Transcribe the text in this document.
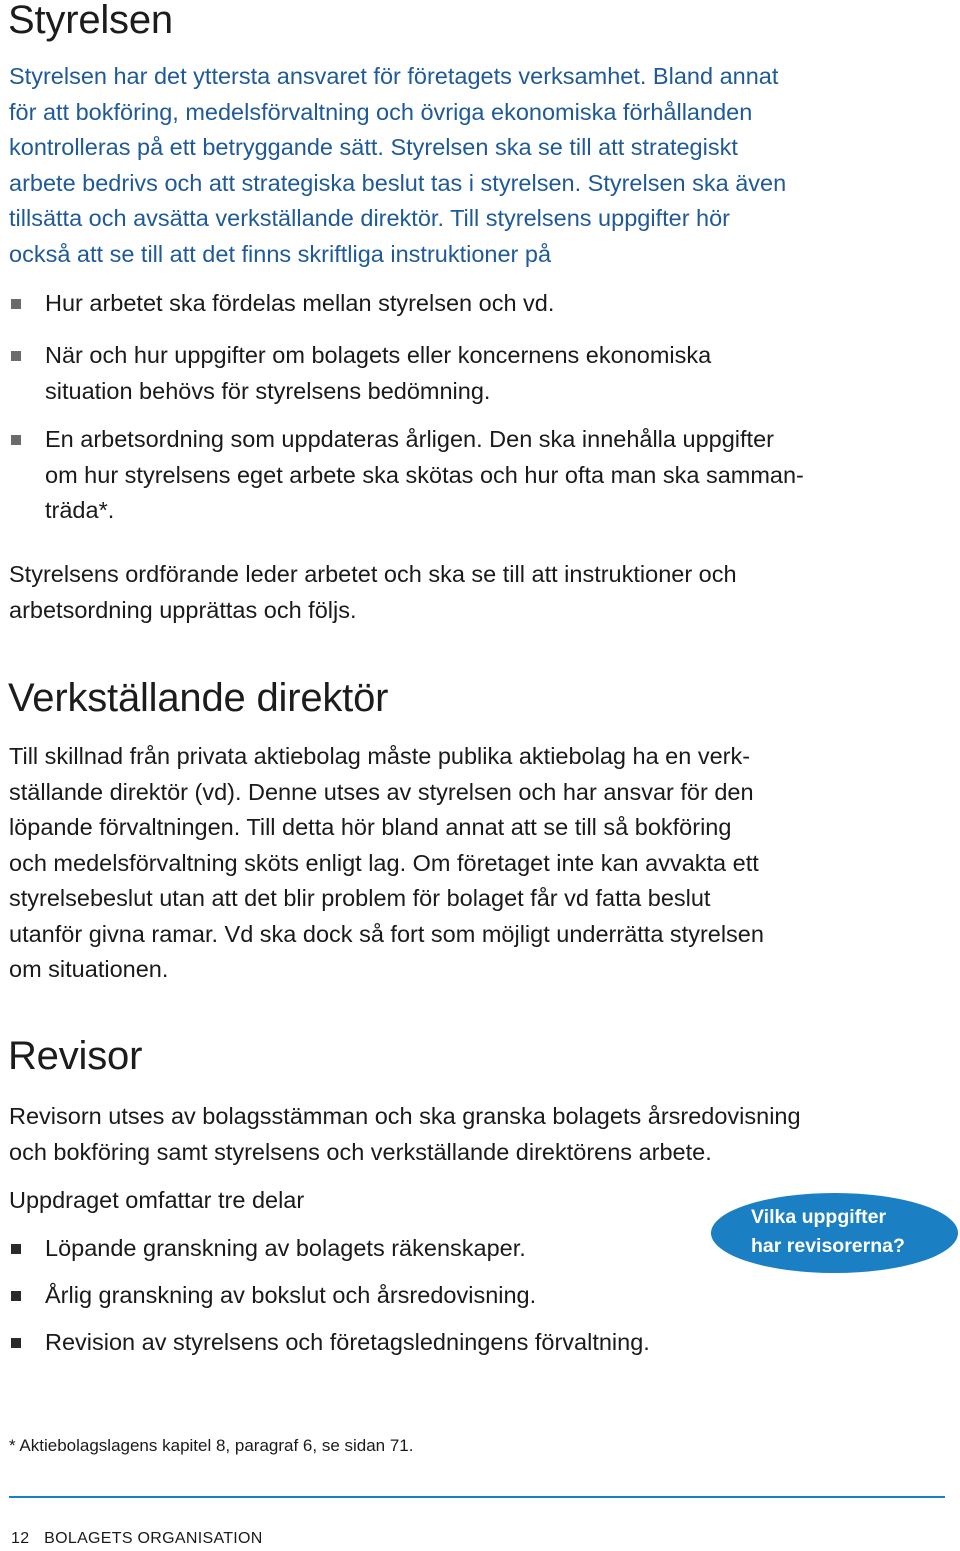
Styrelsen
Styrelsen har det yttersta ansvaret för företagets verksamhet. Bland annat
för att bokföring, medelsförvaltning och övriga ekonomiska förhållanden
kontrolleras på ett betryggande sätt. Styrelsen ska se till att strategiskt
arbete bedrivs och att strategiska beslut tas i styrelsen. Styrelsen ska även
tillsätta och avsätta verkställande direktör. Till styrelsens uppgifter hör
också att se till att det finns skriftliga instruktioner på
Hur arbetet ska fördelas mellan styrelsen och vd.
När och hur uppgifter om bolagets eller koncernens ekonomiska
situation behövs för styrelsens bedömning.
En arbetsordning som uppdateras årligen. Den ska innehålla uppgifter
om hur styrelsens eget arbete ska skötas och hur ofta man ska samman-
träda*.
Styrelsens ordförande leder arbetet och ska se till att instruktioner och
arbetsordning upprättas och följs.
Verkställande direktör
Till skillnad från privata aktiebolag måste publika aktiebolag ha en verk-
ställande direktör (vd). Denne utses av styrelsen och har ansvar för den
löpande förvaltningen. Till detta hör bland annat att se till så bokföring
och medelsförvaltning sköts enligt lag. Om företaget inte kan avvakta ett
styrelsebeslut utan att det blir problem för bolaget får vd fatta beslut
utanför givna ramar. Vd ska dock så fort som möjligt underrätta styrelsen
om situationen.
Revisor
Revisorn utses av bolagsstämman och ska granska bolagets årsredovisning
och bokföring samt styrelsens och verkställande direktörens arbete.
Uppdraget omfattar tre delar
Löpande granskning av bolagets räkenskaper.
Årlig granskning av bokslut och årsredovisning.
Revision av styrelsens och företagsledningens förvaltning.
Vilka uppgifter
har revisorerna?
* Aktiebolagslagens kapitel 8, paragraf 6, se sidan 71.
12 BOLAGETS ORGANISATION
